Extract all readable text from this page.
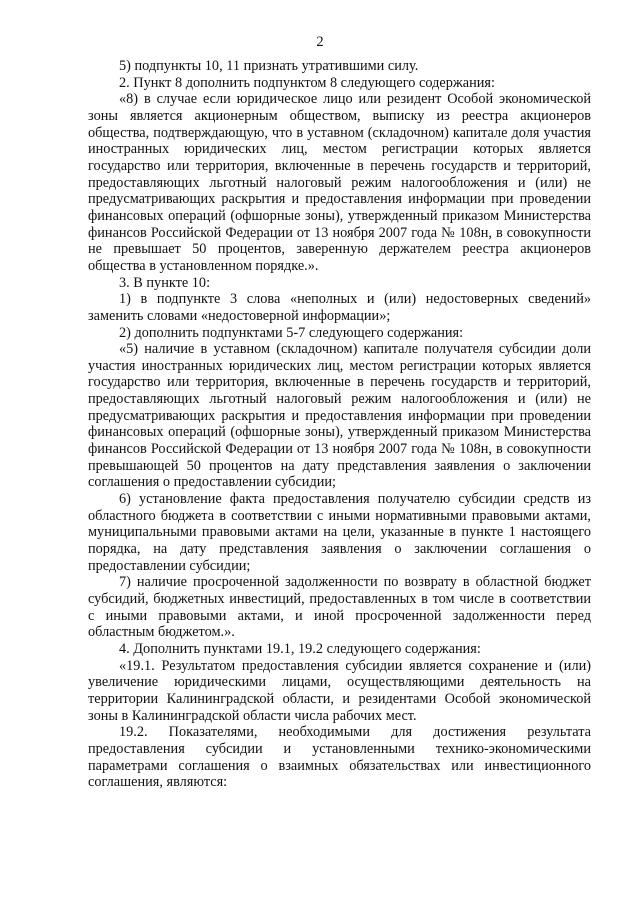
2

5) подпункты 10, 11 признать утратившими силу.

2. Пункт 8 дополнить подпунктом 8 следующего содержания:

«8) в случае если юридическое лицо или резидент Особой экономической зоны является акционерным обществом, выписку из реестра акционеров общества, подтверждающую, что в уставном (складочном) капитале доля участия иностранных юридических лиц, местом регистрации которых является государство или территория, включенные в перечень государств и территорий, предоставляющих льготный налоговый режим налогообложения и (или) не предусматривающих раскрытия и предоставления информации при проведении финансовых операций (офшорные зоны), утвержденный приказом Министерства финансов Российской Федерации от 13 ноября 2007 года № 108н, в совокупности не превышает 50 процентов, заверенную держателем реестра акционеров общества в установленном порядке.».

3. В пункте 10:

1) в подпункте 3 слова «неполных и (или) недостоверных сведений» заменить словами «недостоверной информации»;

2) дополнить подпунктами 5-7 следующего содержания:

«5) наличие в уставном (складочном) капитале получателя субсидии доли участия иностранных юридических лиц, местом регистрации которых является государство или территория, включенные в перечень государств и территорий, предоставляющих льготный налоговый режим налогообложения и (или) не предусматривающих раскрытия и предоставления информации при проведении финансовых операций (офшорные зоны), утвержденный приказом Министерства финансов Российской Федерации от 13 ноября 2007 года № 108н, в совокупности превышающей 50 процентов на дату представления заявления о заключении соглашения о предоставлении субсидии;

6) установление факта предоставления получателю субсидии средств из областного бюджета в соответствии с иными нормативными правовыми актами, муниципальными правовыми актами на цели, указанные в пункте 1 настоящего порядка, на дату представления заявления о заключении соглашения о предоставлении субсидии;

7) наличие просроченной задолженности по возврату в областной бюджет субсидий, бюджетных инвестиций, предоставленных в том числе в соответствии с иными правовыми актами, и иной просроченной задолженности перед областным бюджетом.».

4. Дополнить пунктами 19.1, 19.2 следующего содержания:

«19.1. Результатом предоставления субсидии является сохранение и (или) увеличение юридическими лицами, осуществляющими деятельность на территории Калининградской области, и резидентами Особой экономической зоны в Калининградской области числа рабочих мест.

19.2. Показателями, необходимыми для достижения результата предоставления субсидии и установленными технико-экономическими параметрами соглашения о взаимных обязательствах или инвестиционного соглашения, являются:
